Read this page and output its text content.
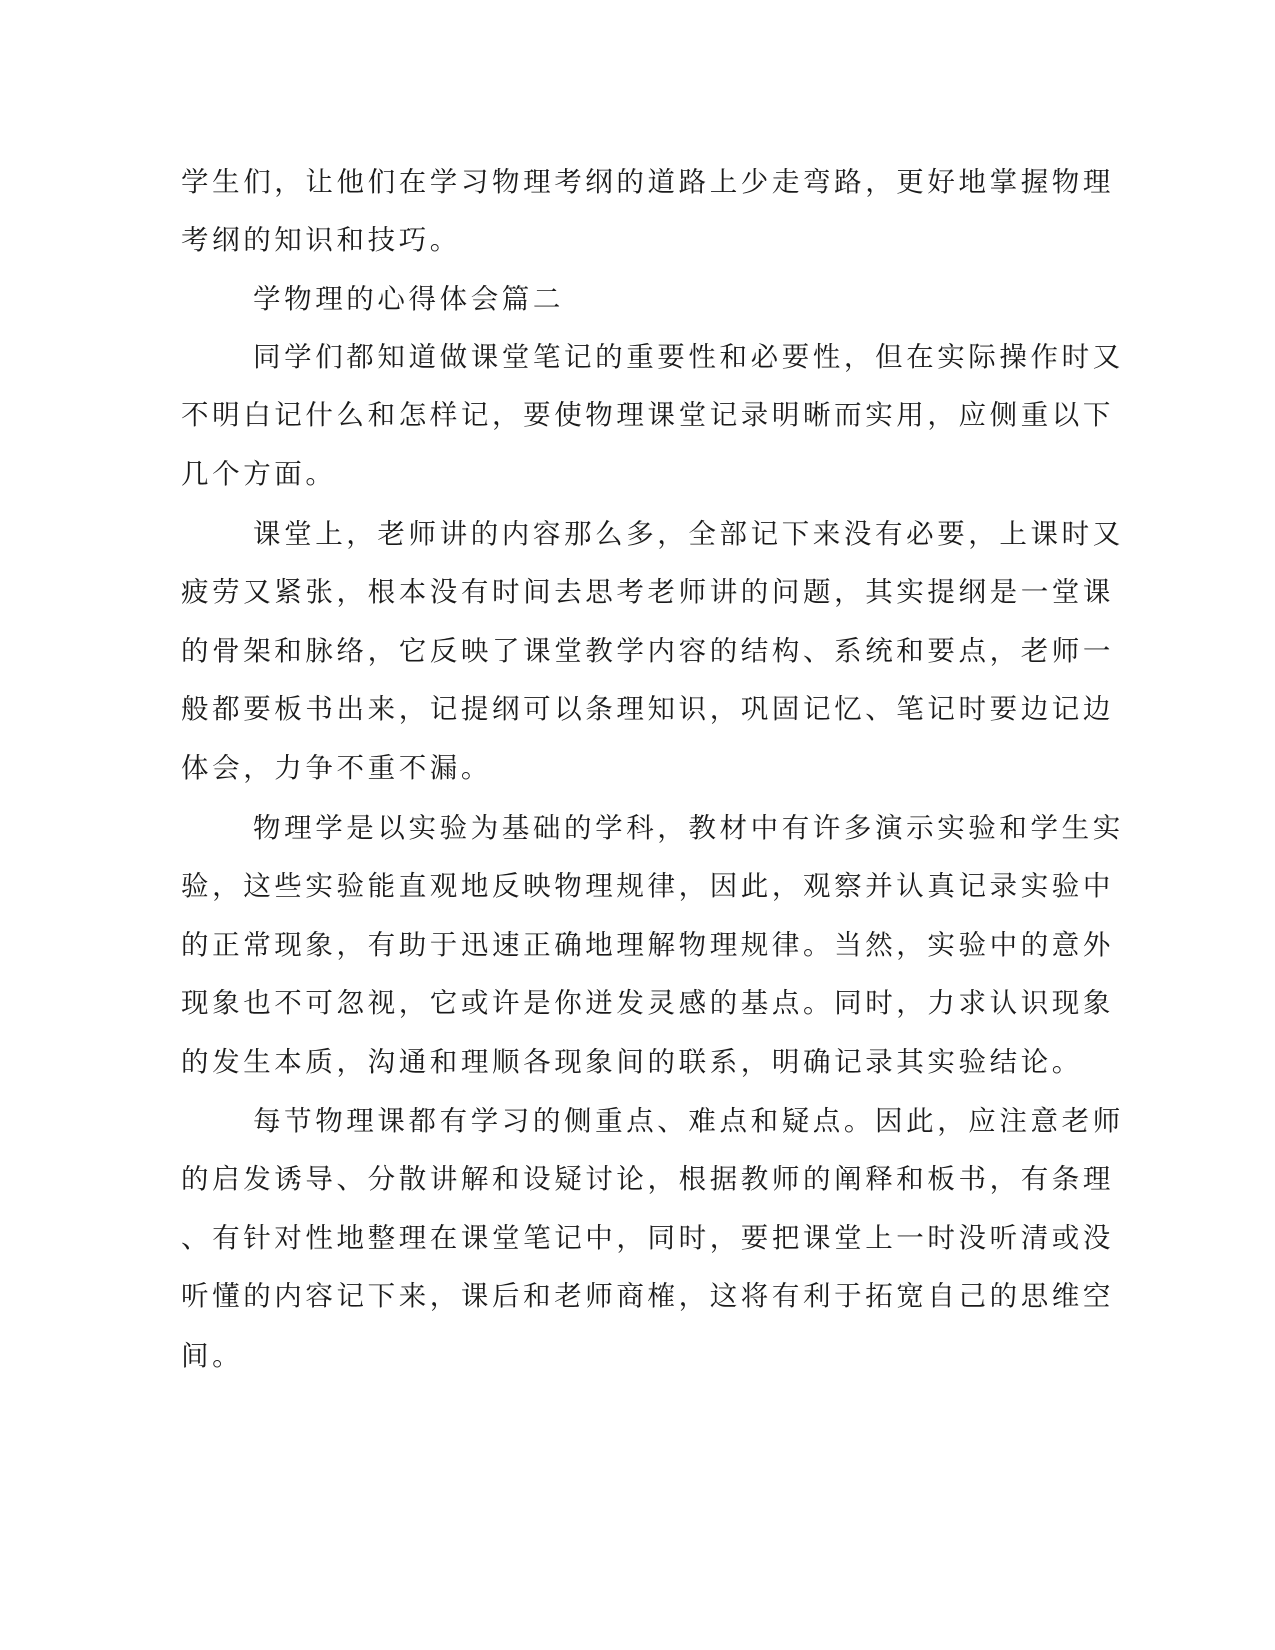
学生们，让他们在学习物理考纲的道路上少走弯路，更好地掌握物理
考纲的知识和技巧。
学物理的心得体会篇二
同学们都知道做课堂笔记的重要性和必要性，但在实际操作时又
不明白记什么和怎样记，要使物理课堂记录明晰而实用，应侧重以下
几个方面。
课堂上，老师讲的内容那么多，全部记下来没有必要，上课时又
疲劳又紧张，根本没有时间去思考老师讲的问题，其实提纲是一堂课
的骨架和脉络，它反映了课堂教学内容的结构、系统和要点，老师一
般都要板书出来，记提纲可以条理知识，巩固记忆、笔记时要边记边
体会，力争不重不漏。
物理学是以实验为基础的学科，教材中有许多演示实验和学生实
验，这些实验能直观地反映物理规律，因此，观察并认真记录实验中
的正常现象，有助于迅速正确地理解物理规律。当然，实验中的意外
现象也不可忽视，它或许是你迸发灵感的基点。同时，力求认识现象
的发生本质，沟通和理顺各现象间的联系，明确记录其实验结论。
每节物理课都有学习的侧重点、难点和疑点。因此，应注意老师
的启发诱导、分散讲解和设疑讨论，根据教师的阐释和板书，有条理
、有针对性地整理在课堂笔记中，同时，要把课堂上一时没听清或没
听懂的内容记下来，课后和老师商榷，这将有利于拓宽自己的思维空
间。
